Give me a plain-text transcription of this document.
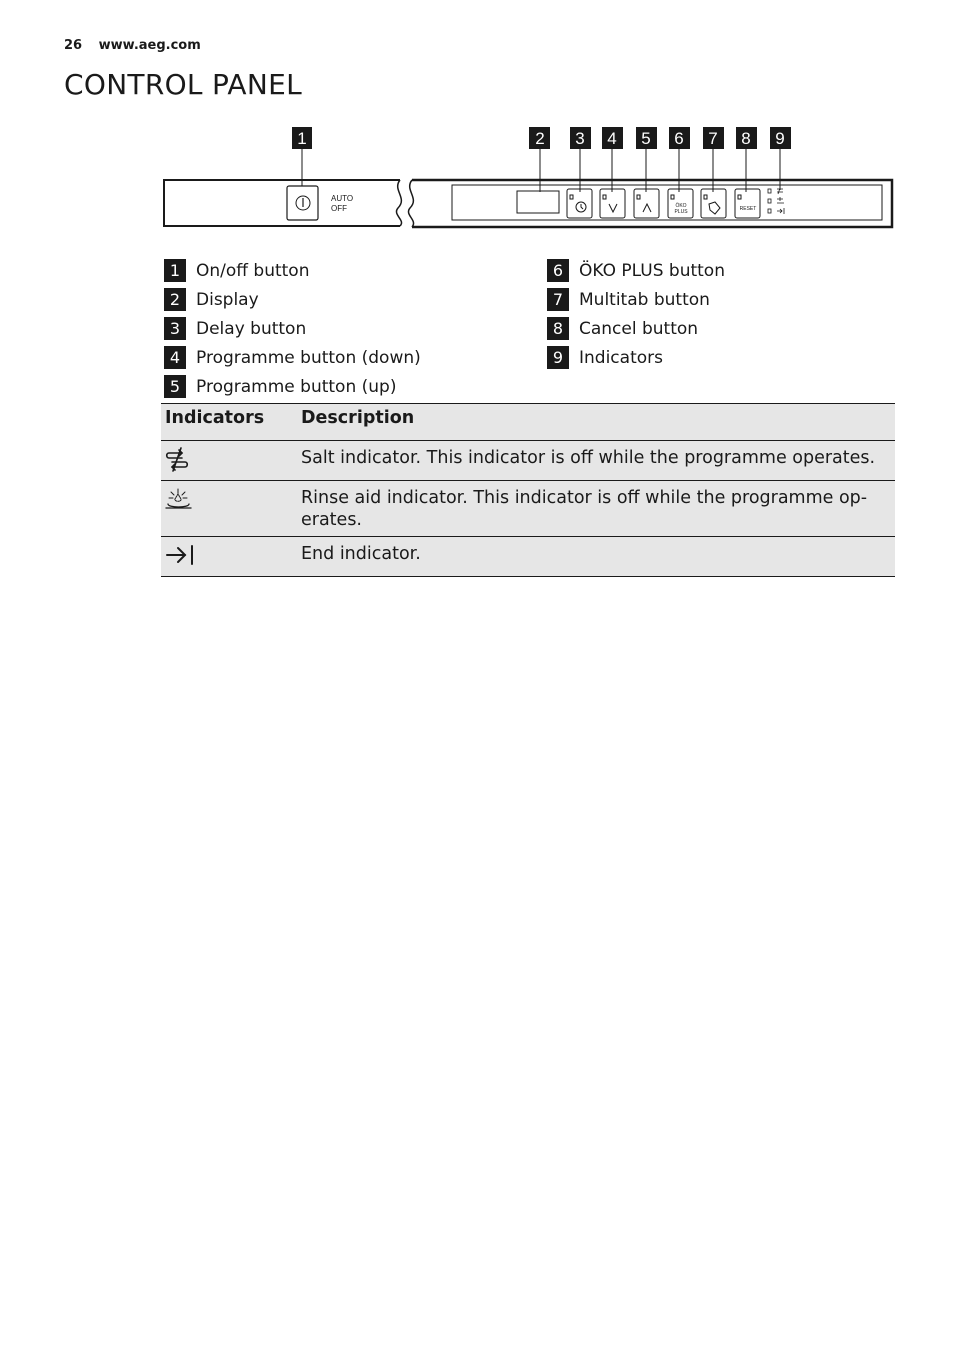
26 www.aeg.com
CONTROL PANEL
1	2 3 4 5 6 7 8 9
AUTO
OFF	ÖKO
PLUS	RESET
1 On/off button
2 Display
3 Delay button
4 Programme button (down)
5 Programme button (up)
6 ÖKO PLUS button
7 Multitab button
8 Cancel button
9 Indicators
Indicators	Description

	Salt indicator. This indicator is off while the programme operates.

	Rinse aid indicator. This indicator is off while the programme op-erates.

	End indicator.
